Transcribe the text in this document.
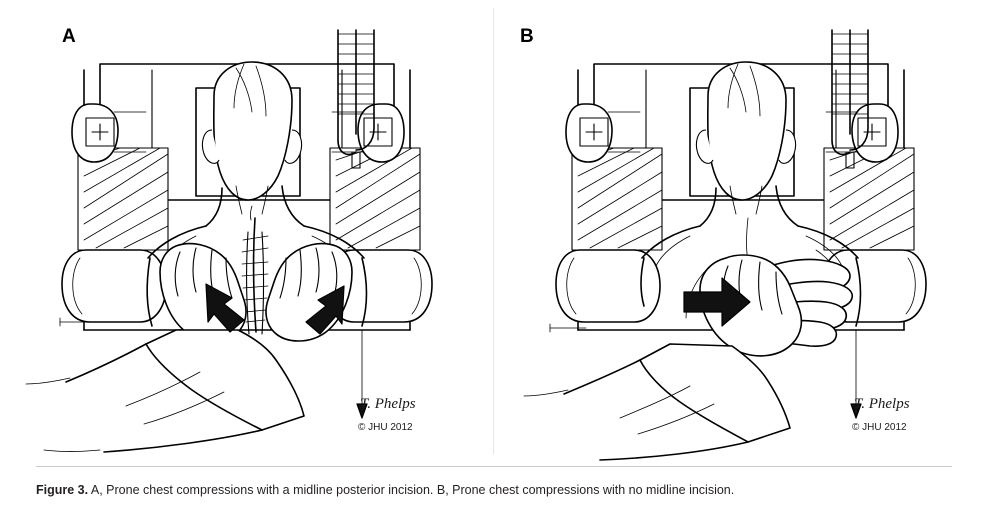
A
T. Phelps
© JHU 2012
B
T. Phelps
© JHU 2012
Figure 3. A, Prone chest compressions with a midline posterior incision. B, Prone chest compressions with no midline incision.
